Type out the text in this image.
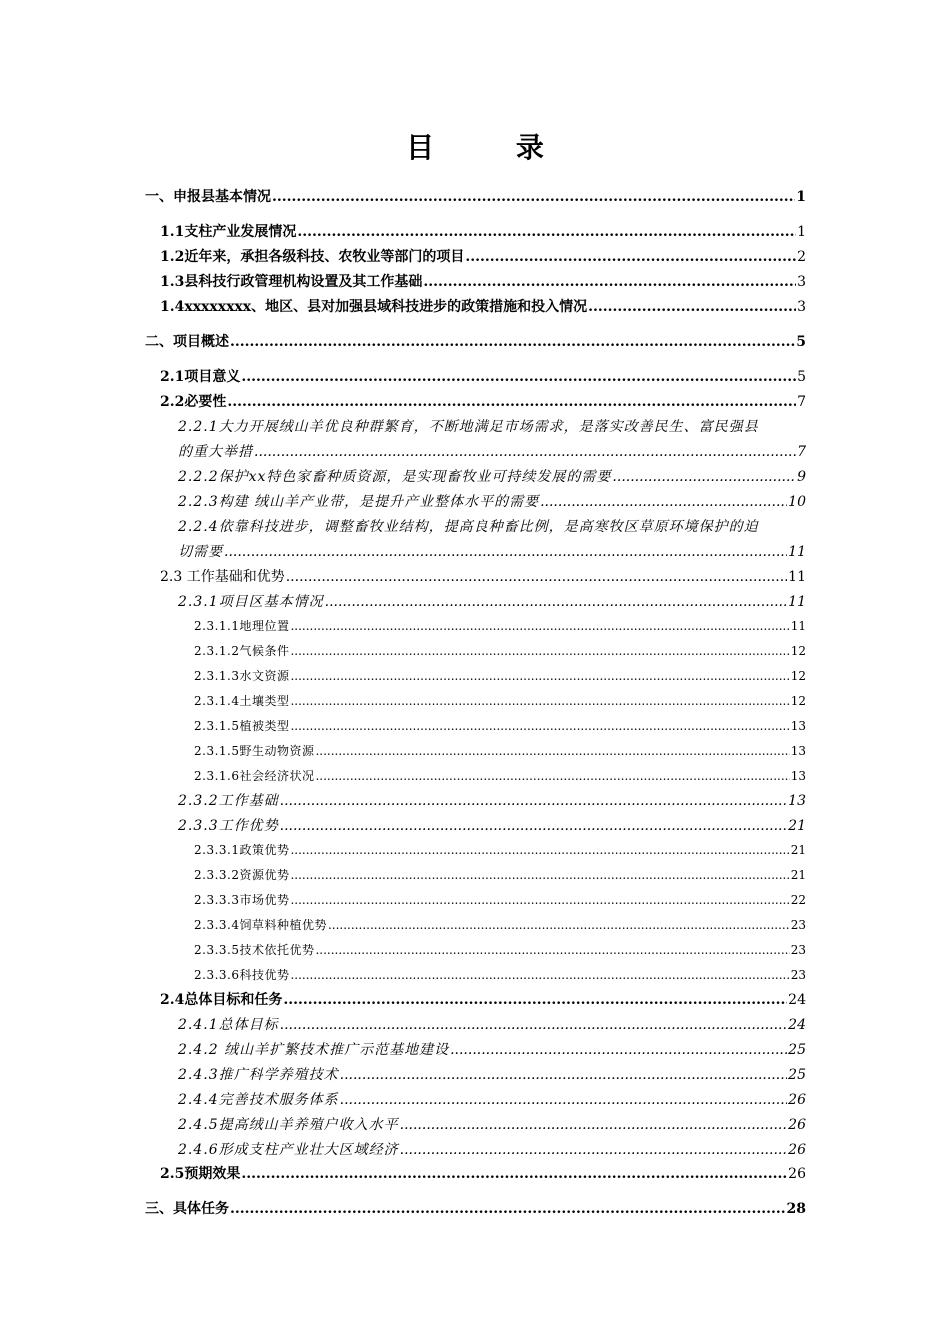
目 录
一、申报县基本情况 .....	1
1.1支柱产业发展情况 .....	1
1.2近年来，承担各级科技、农牧业等部门的项目 .....	2
1.3县科技行政管理机构设置及其工作基础 .....	3
1.4xxxxxxxx、地区、县对加强县域科技进步的政策措施和投入情况 .....	3
二、项目概述 .....	5
2.1项目意义 .....	5
2.2必要性 .....	7
2.2.1大力开展绒山羊优良种群繁育，不断地满足市场需求，是落实改善民生、富民强县
的重大举措 .....	7
2.2.2保护xx特色家畜种质资源，是实现畜牧业可持续发展的需要 .....	9
2.2.3构建 绒山羊产业带，是提升产业整体水平的需要 .....	10
2.2.4依靠科技进步，调整畜牧业结构，提高良种畜比例，是高寒牧区草原环境保护的迫
切需要 .....	11
2.3 工作基础和优势 .....	11
2.3.1项目区基本情况 .....	11
2.3.1.1地理位置 .....	11
2.3.1.2气候条件 .....	12
2.3.1.3水文资源 .....	12
2.3.1.4土壤类型 .....	12
2.3.1.5植被类型 .....	13
2.3.1.5野生动物资源 .....	13
2.3.1.6社会经济状况 .....	13
2.3.2工作基础 .....	13
2.3.3工作优势 .....	21
2.3.3.1政策优势 .....	21
2.3.3.2资源优势 .....	21
2.3.3.3市场优势 .....	22
2.3.3.4饲草料种植优势 .....	23
2.3.3.5技术依托优势 .....	23
2.3.3.6科技优势 .....	23
2.4总体目标和任务 .....	24
2.4.1总体目标 .....	24
2.4.2 绒山羊扩繁技术推广示范基地建设 .....	25
2.4.3推广科学养殖技术 .....	25
2.4.4完善技术服务体系 .....	26
2.4.5提高绒山羊养殖户收入水平 .....	26
2.4.6形成支柱产业壮大区域经济 .....	26
2.5预期效果 .....	26
三、具体任务 .....	28
